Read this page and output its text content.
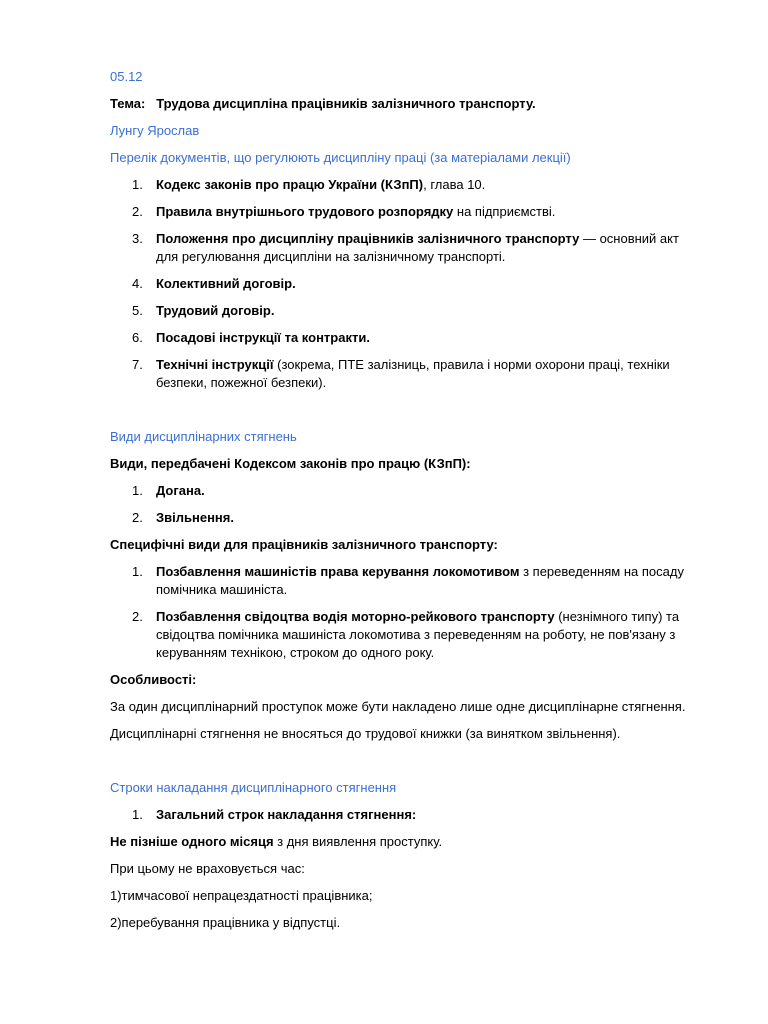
05.12

Тема: Трудова дисципліна працівників залізничного транспорту.

Лунгу Ярослав

Перелік документів, що регулюють дисципліну праці (за матеріалами лекції)

1. Кодекс законів про працю України (КЗпП), глава 10.
2. Правила внутрішнього трудового розпорядку на підприємстві.
3. Положення про дисципліну працівників залізничного транспорту — основний акт для регулювання дисципліни на залізничному транспорті.
4. Колективний договір.
5. Трудовий договір.
6. Посадові інструкції та контракти.
7. Технічні інструкції (зокрема, ПТЕ залізниць, правила і норми охорони праці, техніки безпеки, пожежної безпеки).

Види дисциплінарних стягнень

Види, передбачені Кодексом законів про працю (КЗпП):

1. Догана.
2. Звільнення.

Специфічні види для працівників залізничного транспорту:

1. Позбавлення машиністів права керування локомотивом з переведенням на посаду помічника машиніста.
2. Позбавлення свідоцтва водія моторно-рейкового транспорту (незнімного типу) та свідоцтва помічника машиніста локомотива з переведенням на роботу, не пов'язану з керуванням технікою, строком до одного року.

Особливості:

За один дисциплінарний проступок може бути накладено лише одне дисциплінарне стягнення.

Дисциплінарні стягнення не вносяться до трудової книжки (за винятком звільнення).

Строки накладання дисциплінарного стягнення

1. Загальний строк накладання стягнення:

Не пізніше одного місяця з дня виявлення проступку.

При цьому не враховується час:

1)тимчасової непрацездатності працівника;

2)перебування працівника у відпустці.
